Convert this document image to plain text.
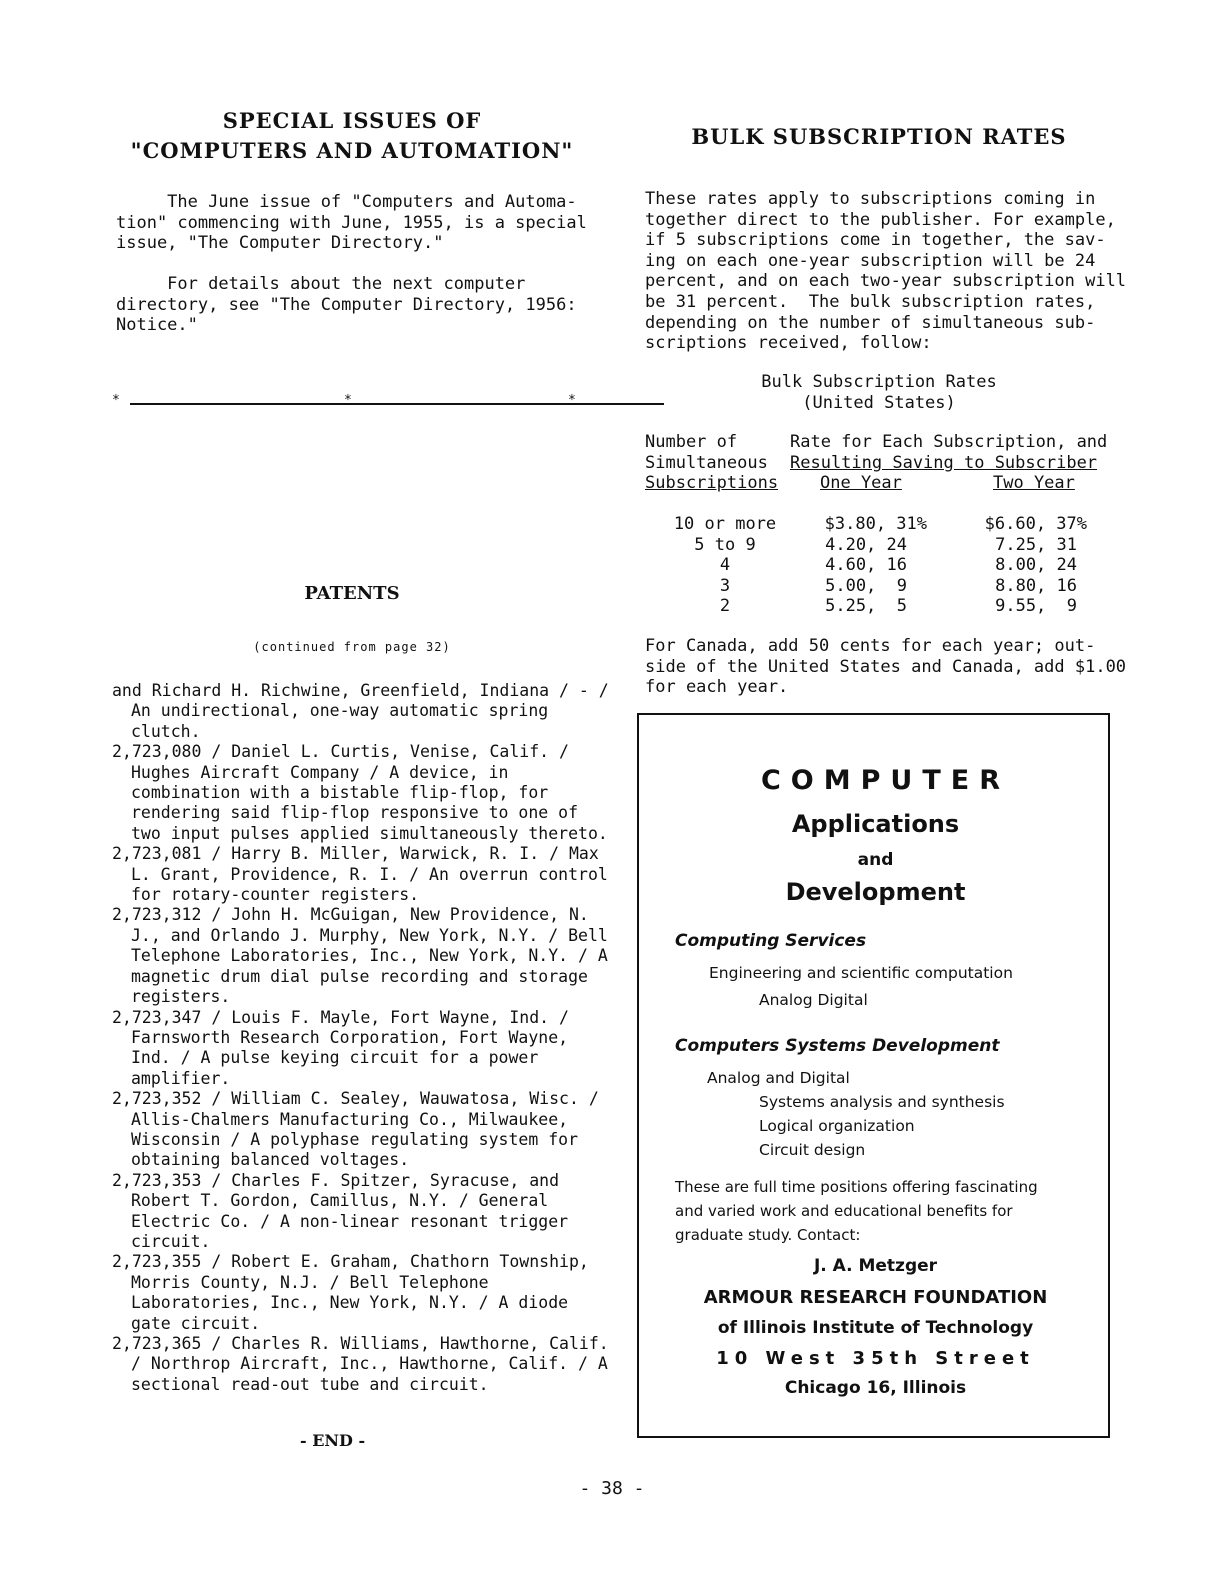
SPECIAL ISSUES OF
"COMPUTERS AND AUTOMATION"
The June issue of "Computers and Automa-
tion" commencing with June, 1955, is a special
issue, "The Computer Directory."
For details about the next computer
directory, see "The Computer Directory, 1956:
Notice."
*	*	*
PATENTS
(continued from page 32)
and Richard H. Richwine, Greenfield, Indiana / - / An undirectional, one-way automatic spring clutch.
2,723,080 / Daniel L. Curtis, Venise, Calif. / Hughes Aircraft Company / A device, in combination with a bistable flip-flop, for rendering said flip-flop responsive to one of two input pulses applied simultaneously thereto.
2,723,081 / Harry B. Miller, Warwick, R. I. / Max L. Grant, Providence, R. I. / An overrun control for rotary-counter registers.
2,723,312 / John H. McGuigan, New Providence, N. J., and Orlando J. Murphy, New York, N.Y. / Bell Telephone Laboratories, Inc., New York, N.Y. / A magnetic drum dial pulse recording and storage registers.
2,723,347 / Louis F. Mayle, Fort Wayne, Ind. / Farnsworth Research Corporation, Fort Wayne, Ind. / A pulse keying circuit for a power amplifier.
2,723,352 / William C. Sealey, Wauwatosa, Wisc. / Allis-Chalmers Manufacturing Co., Milwaukee, Wisconsin / A polyphase regulating system for obtaining balanced voltages.
2,723,353 / Charles F. Spitzer, Syracuse, and Robert T. Gordon, Camillus, N.Y. / General Electric Co. / A non-linear resonant trigger circuit.
2,723,355 / Robert E. Graham, Chathorn Township, Morris County, N.J. / Bell Telephone Laboratories, Inc., New York, N.Y. / A diode gate circuit.
2,723,365 / Charles R. Williams, Hawthorne, Calif. / Northrop Aircraft, Inc., Hawthorne, Calif. / A sectional read-out tube and circuit.
- END -
BULK SUBSCRIPTION RATES
These rates apply to subscriptions coming in
together direct to the publisher. For example,
if 5 subscriptions come in together, the sav-
ing on each one-year subscription will be 24
percent, and on each two-year subscription will
be 31 percent.  The bulk subscription rates,
depending on the number of simultaneous sub-
scriptions received, follow:
Bulk Subscription Rates
(United States)
Number of
Simultaneous
Subscriptions
Rate for Each Subscription, and
Resulting Saving to Subscriber
One Year	Two Year
10 or more	$3.80, 31%	$6.60, 37%
5 to 9	4.20, 24	7.25, 31
4	4.60, 16	8.00, 24
3	5.00,  9	8.80, 16
2	5.25,  5	9.55,  9
For Canada, add 50 cents for each year; out-
side of the United States and Canada, add $1.00
for each year.
COMPUTER
Applications
and
Development
Computing Services
Engineering and scientific computation
Analog Digital
Computers Systems Development
Analog and Digital
Systems analysis and synthesis
Logical organization
Circuit design
These are full time positions offering fascinating
and varied work and educational benefits for
graduate study. Contact:
J. A. Metzger
ARMOUR RESEARCH FOUNDATION
of Illinois Institute of Technology
10 West 35th Street
Chicago 16, Illinois
- 38 -
